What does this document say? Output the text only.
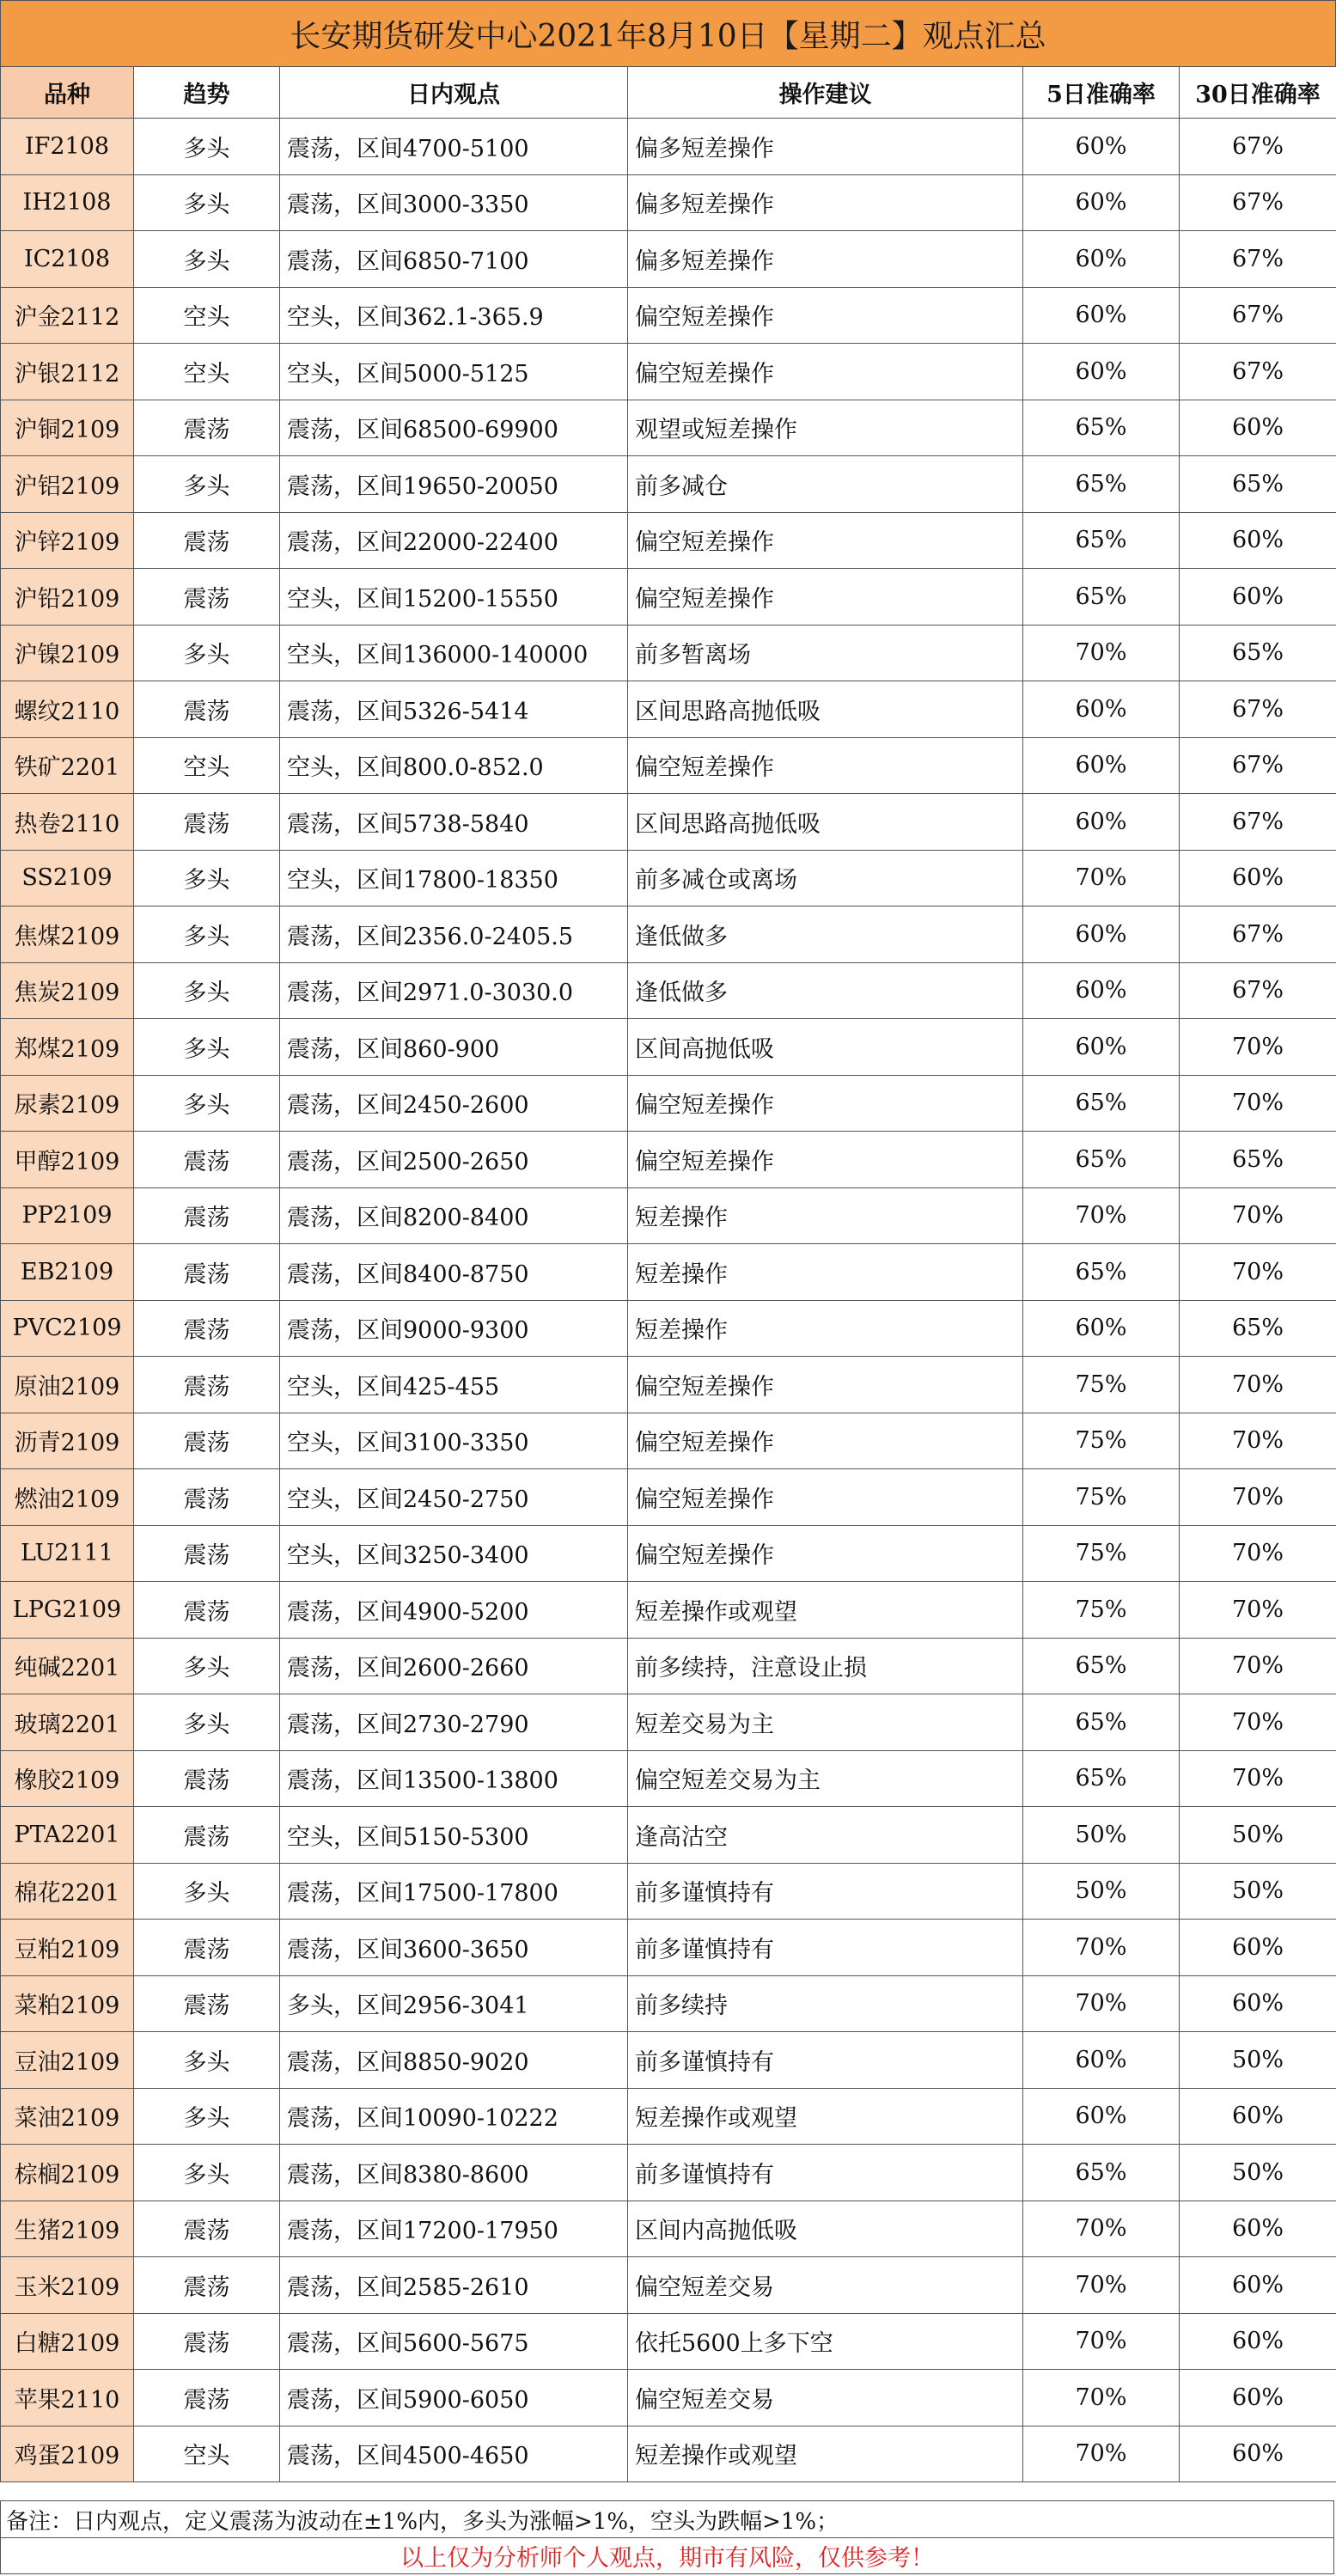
长安期货研发中心2021年8月10日【星期二】观点汇总
品种	趋势	日内观点	操作建议	5日准确率	30日准确率
IF2108	多头	震荡，区间4700-5100	偏多短差操作	60%	67%
IH2108	多头	震荡，区间3000-3350	偏多短差操作	60%	67%
IC2108	多头	震荡，区间6850-7100	偏多短差操作	60%	67%
沪金2112	空头	空头，区间362.1-365.9	偏空短差操作	60%	67%
沪银2112	空头	空头，区间5000-5125	偏空短差操作	60%	67%
沪铜2109	震荡	震荡，区间68500-69900	观望或短差操作	65%	60%
沪铝2109	多头	震荡，区间19650-20050	前多减仓	65%	65%
沪锌2109	震荡	震荡，区间22000-22400	偏空短差操作	65%	60%
沪铅2109	震荡	空头，区间15200-15550	偏空短差操作	65%	60%
沪镍2109	多头	空头，区间136000-140000	前多暂离场	70%	65%
螺纹2110	震荡	震荡，区间5326-5414	区间思路高抛低吸	60%	67%
铁矿2201	空头	空头，区间800.0-852.0	偏空短差操作	60%	67%
热卷2110	震荡	震荡，区间5738-5840	区间思路高抛低吸	60%	67%
SS2109	多头	空头，区间17800-18350	前多减仓或离场	70%	60%
焦煤2109	多头	震荡，区间2356.0-2405.5	逢低做多	60%	67%
焦炭2109	多头	震荡，区间2971.0-3030.0	逢低做多	60%	67%
郑煤2109	多头	震荡，区间860-900	区间高抛低吸	60%	70%
尿素2109	多头	震荡，区间2450-2600	偏空短差操作	65%	70%
甲醇2109	震荡	震荡，区间2500-2650	偏空短差操作	65%	65%
PP2109	震荡	震荡，区间8200-8400	短差操作	70%	70%
EB2109	震荡	震荡，区间8400-8750	短差操作	65%	70%
PVC2109	震荡	震荡，区间9000-9300	短差操作	60%	65%
原油2109	震荡	空头，区间425-455	偏空短差操作	75%	70%
沥青2109	震荡	空头，区间3100-3350	偏空短差操作	75%	70%
燃油2109	震荡	空头，区间2450-2750	偏空短差操作	75%	70%
LU2111	震荡	空头，区间3250-3400	偏空短差操作	75%	70%
LPG2109	震荡	震荡，区间4900-5200	短差操作或观望	75%	70%
纯碱2201	多头	震荡，区间2600-2660	前多续持，注意设止损	65%	70%
玻璃2201	多头	震荡，区间2730-2790	短差交易为主	65%	70%
橡胶2109	震荡	震荡，区间13500-13800	偏空短差交易为主	65%	70%
PTA2201	震荡	空头，区间5150-5300	逢高沽空	50%	50%
棉花2201	多头	震荡，区间17500-17800	前多谨慎持有	50%	50%
豆粕2109	震荡	震荡，区间3600-3650	前多谨慎持有	70%	60%
菜粕2109	震荡	多头，区间2956-3041	前多续持	70%	60%
豆油2109	多头	震荡，区间8850-9020	前多谨慎持有	60%	50%
菜油2109	多头	震荡，区间10090-10222	短差操作或观望	60%	60%
棕榈2109	多头	震荡，区间8380-8600	前多谨慎持有	65%	50%
生猪2109	震荡	震荡，区间17200-17950	区间内高抛低吸	70%	60%
玉米2109	震荡	震荡，区间2585-2610	偏空短差交易	70%	60%
白糖2109	震荡	震荡，区间5600-5675	依托5600上多下空	70%	60%
苹果2110	震荡	震荡，区间5900-6050	偏空短差交易	70%	60%
鸡蛋2109	空头	震荡，区间4500-4650	短差操作或观望	70%	60%
备注：日内观点，定义震荡为波动在±1%内，多头为涨幅>1%，空头为跌幅>1%；
以上仅为分析师个人观点，期市有风险，仅供参考！
